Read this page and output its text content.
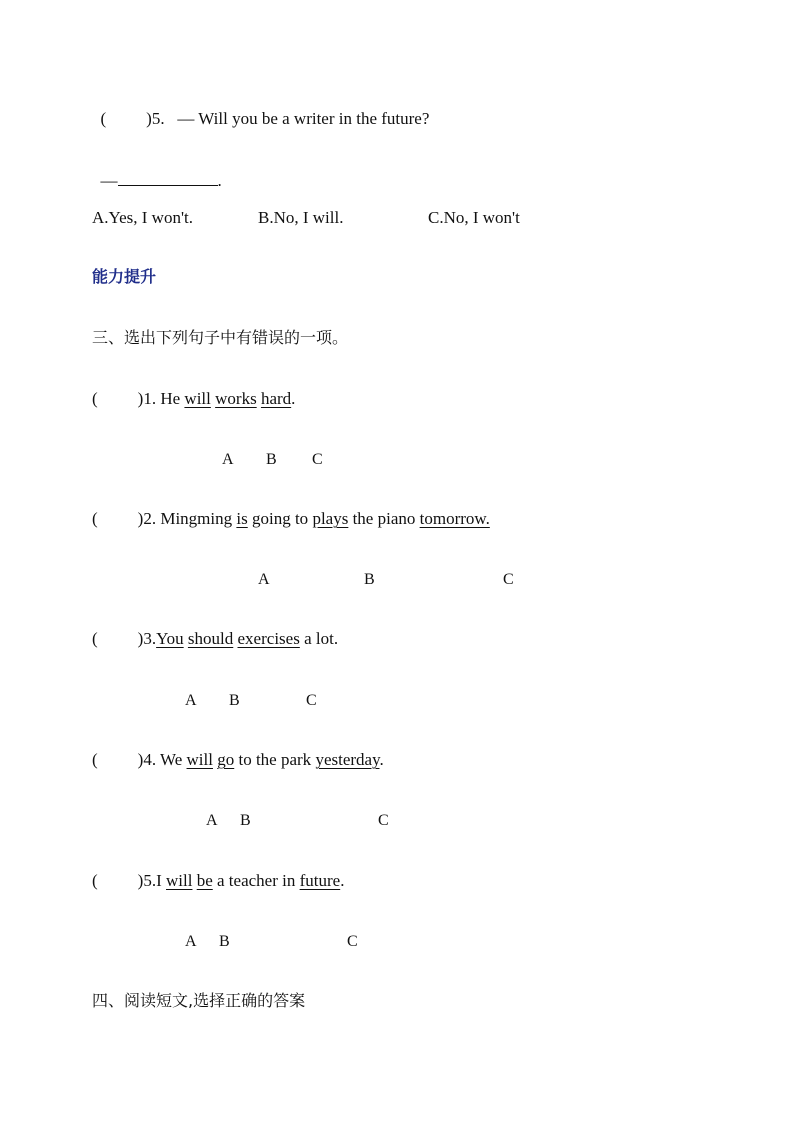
( )5. — Will you be a writer in the future?

—	.

A.Yes, I won't.	B.No, I will.	C.No, I won't
能力提升
三、选出下列句子中有错误的一项。
( )1. He will works hard.
A B C
( )2. Mingming is going to plays the piano tomorrow.
A	B	C
( )3.You should exercises a lot.
A B	C
( )4. We will go to the park yesterday.
A B	C
( )5.I will be a teacher in future.
A B	C
四、阅读短文,选择正确的答案
